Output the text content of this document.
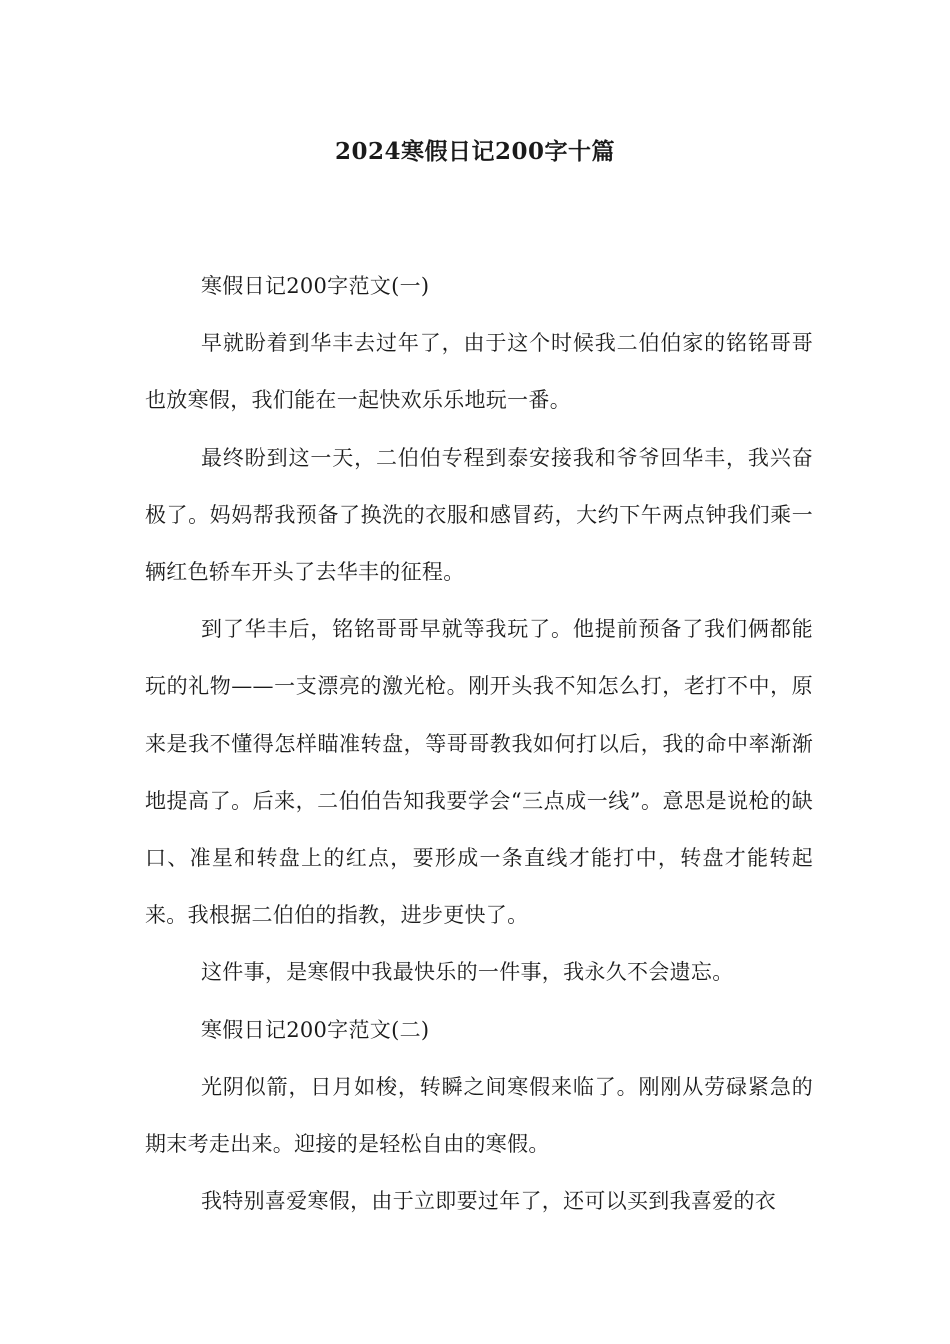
2024寒假日记200字十篇

寒假日记200字范文(一)

早就盼着到华丰去过年了，由于这个时候我二伯伯家的铭铭哥哥也放寒假，我们能在一起快欢乐乐地玩一番。

最终盼到这一天，二伯伯专程到泰安接我和爷爷回华丰，我兴奋极了。妈妈帮我预备了换洗的衣服和感冒药，大约下午两点钟我们乘一辆红色轿车开头了去华丰的征程。

到了华丰后，铭铭哥哥早就等我玩了。他提前预备了我们俩都能玩的礼物——一支漂亮的激光枪。刚开头我不知怎么打，老打不中，原来是我不懂得怎样瞄准转盘，等哥哥教我如何打以后，我的命中率渐渐地提高了。后来，二伯伯告知我要学会“三点成一线”。意思是说枪的缺口、准星和转盘上的红点，要形成一条直线才能打中，转盘才能转起来。我根据二伯伯的指教，进步更快了。

这件事，是寒假中我最快乐的一件事，我永久不会遗忘。

寒假日记200字范文(二)

光阴似箭，日月如梭，转瞬之间寒假来临了。刚刚从劳碌紧急的期末考走出来。迎接的是轻松自由的寒假。

我特别喜爱寒假，由于立即要过年了，还可以买到我喜爱的衣
